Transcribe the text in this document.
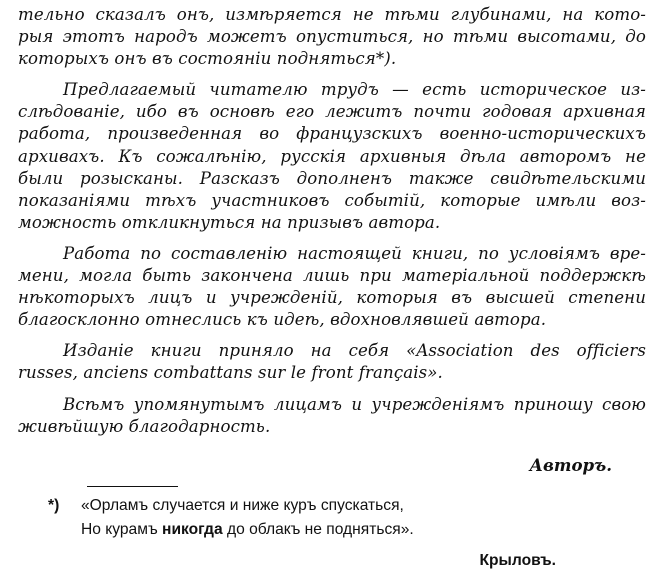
тельно сказалъ онъ, измѣряется не тѣми глубинами, на кото-
рыя этотъ народъ можетъ опуститься, но тѣми высотами, до
которыхъ онъ въ состояніи подняться*).
Предлагаемый читателю трудъ — есть историческое из-
слѣдованіе, ибо въ основѣ его лежитъ почти годовая архивная
работа, произведенная во французскихъ военно-историческихъ
архивахъ. Къ сожалѣнію, русскія архивныя дѣла авторомъ не
были розысканы. Разсказъ дополненъ также свидѣтельскими
показаніями тѣхъ участниковъ событій, которые имѣли воз-
можность откликнуться на призывъ автора.
Работа по составленію настоящей книги, по условіямъ вре-
мени, могла быть закончена лишь при матеріальной поддержкѣ
нѣкоторыхъ лицъ и учрежденій, которыя въ высшей степени
благосклонно отнеслись къ идеѣ, вдохновлявшей автора.
Изданіе книги приняло на себя «Association des officiers
russes, anciens combattans sur le front français».
Всѣмъ упомянутымъ лицамъ и учрежденіямъ приношу свою
живѣйшую благодарность.
Авторъ.
*) «Орламъ случается и ниже куръ спускаться,
Но курамъ никогда до облакъ не подняться».
Крыловъ.
